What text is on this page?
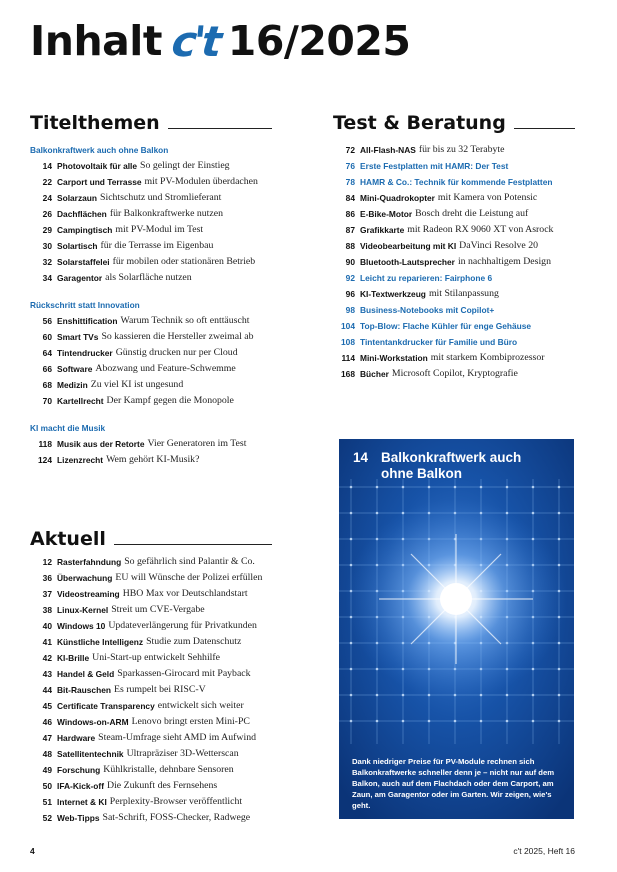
Inhalt c't 16/2025
Titelthemen
Balkonkraftwerk auch ohne Balkon
14 Photovoltaik für alle So gelingt der Einstieg
22 Carport und Terrasse mit PV-Modulen überdachen
24 Solarzaun Sichtschutz und Stromlieferant
26 Dachflächen für Balkonkraftwerke nutzen
29 Campingtisch mit PV-Modul im Test
30 Solartisch für die Terrasse im Eigenbau
32 Solarstaffelei für mobilen oder stationären Betrieb
34 Garagentor als Solarfläche nutzen
Rückschritt statt Innovation
56 Enshittification Warum Technik so oft enttäuscht
60 Smart TVs So kassieren die Hersteller zweimal ab
64 Tintendrucker Günstig drucken nur per Cloud
66 Software Abozwang und Feature-Schwemme
68 Medizin Zu viel KI ist ungesund
70 Kartellrecht Der Kampf gegen die Monopole
KI macht die Musik
118 Musik aus der Retorte Vier Generatoren im Test
124 Lizenzrecht Wem gehört KI-Musik?
Aktuell
12 Rasterfahndung So gefährlich sind Palantir & Co.
36 Überwachung EU will Wünsche der Polizei erfüllen
37 Videostreaming HBO Max vor Deutschlandstart
38 Linux-Kernel Streit um CVE-Vergabe
40 Windows 10 Updateverlängerung für Privatkunden
41 Künstliche Intelligenz Studie zum Datenschutz
42 KI-Brille Uni-Start-up entwickelt Sehhilfe
43 Handel & Geld Sparkassen-Girocard mit Payback
44 Bit-Rauschen Es rumpelt bei RISC-V
45 Certificate Transparency entwickelt sich weiter
46 Windows-on-ARM Lenovo bringt ersten Mini-PC
47 Hardware Steam-Umfrage sieht AMD im Aufwind
48 Satellitentechnik Ultrapräziser 3D-Wetterscan
49 Forschung Kühlkristalle, dehnbare Sensoren
50 IFA-Kick-off Die Zukunft des Fernsehens
51 Internet & KI Perplexity-Browser veröffentlicht
52 Web-Tipps Sat-Schrift, FOSS-Checker, Radwege
Test & Beratung
72 All-Flash-NAS für bis zu 32 Terabyte
76 Erste Festplatten mit HAMR: Der Test
78 HAMR & Co.: Technik für kommende Festplatten
84 Mini-Quadrokopter mit Kamera von Potensic
86 E-Bike-Motor Bosch dreht die Leistung auf
87 Grafikkarte mit Radeon RX 9060 XT von Asrock
88 Videobearbeitung mit KI DaVinci Resolve 20
90 Bluetooth-Lautsprecher in nachhaltigem Design
92 Leicht zu reparieren: Fairphone 6
96 KI-Textwerkzeug mit Stilanpassung
98 Business-Notebooks mit Copilot+
104 Top-Blow: Flache Kühler für enge Gehäuse
108 Tintentankdrucker für Familie und Büro
114 Mini-Workstation mit starkem Kombiprozessor
168 Bücher Microsoft Copilot, Kryptografie
14 Balkonkraftwerk auch ohne Balkon
Dank niedriger Preise für PV-Module rechnen sich Balkonkraftwerke schneller denn je – nicht nur auf dem Balkon, auch auf dem Flachdach oder dem Carport, am Zaun, am Garagentor oder im Garten. Wir zeigen, wie's geht.
4	c't 2025, Heft 16
